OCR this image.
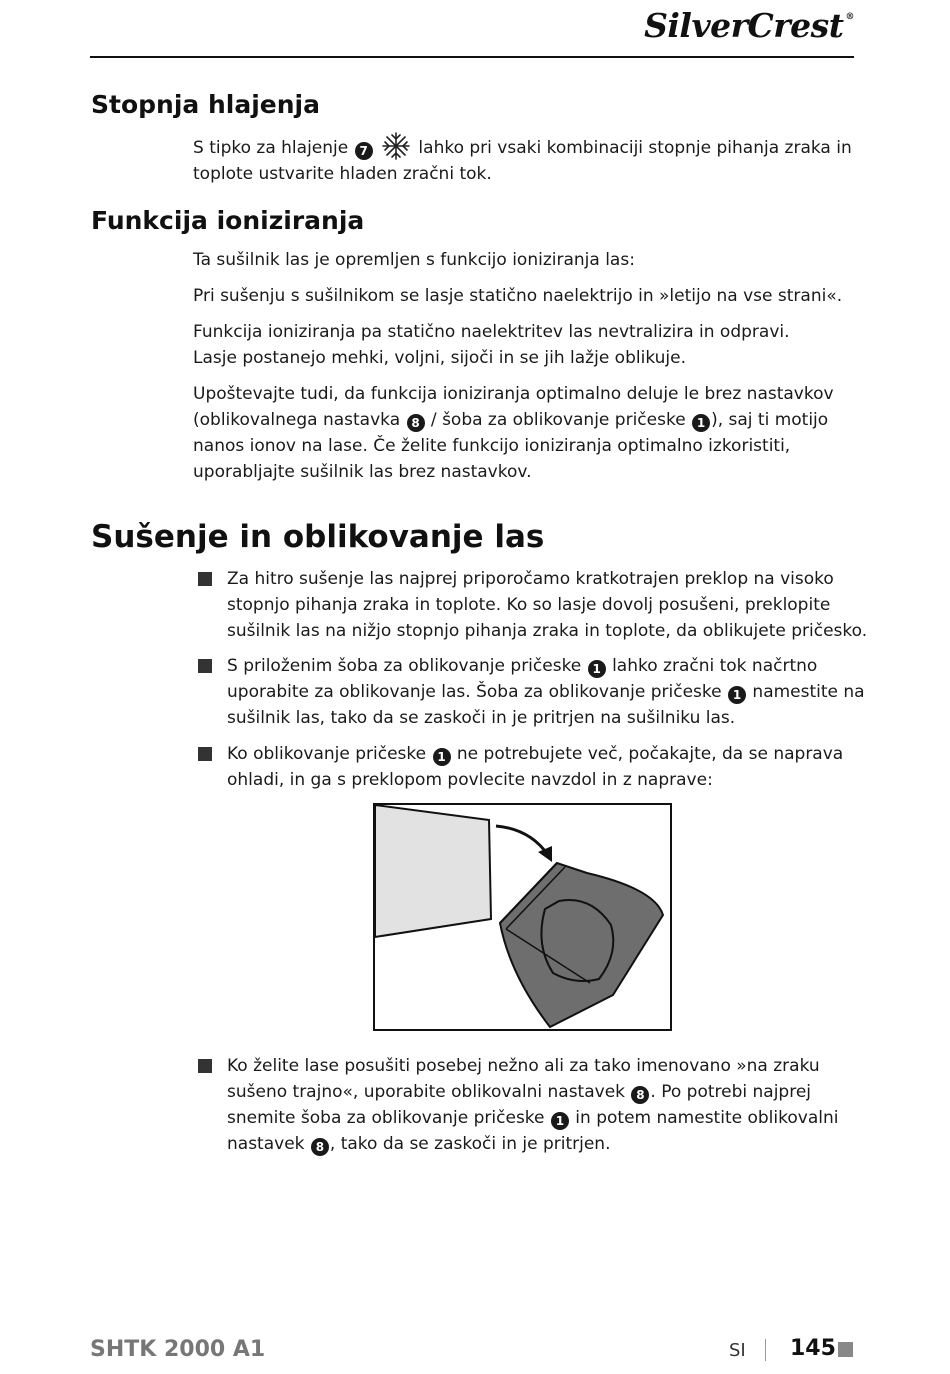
SilverCrest ®
Stopnja hlajenja

S tipko za hlajenje 7	lahko pri vsaki kombinaciji stopnje pihanja zraka in toplote ustvarite hladen zračni tok.

Funkcija ioniziranja

Ta sušilnik las je opremljen s funkcijo ioniziranja las:

Pri sušenju s sušilnikom se lasje statično naelektrijo in »letijo na vse strani«.

Funkcija ioniziranja pa statično naelektritev las nevtralizira in odpravi.
Lasje postanejo mehki, voljni, sijoči in se jih lažje oblikuje.

Upoštevajte tudi, da funkcija ioniziranja optimalno deluje le brez nastavkov (oblikovalnega nastavka 8 / šoba za oblikovanje pričeske 1 ), saj ti motijo nanos ionov na lase. Če želite funkcijo ioniziranja optimalno izkoristiti, uporabljajte sušilnik las brez nastavkov.

Sušenje in oblikovanje las
Za hitro sušenje las najprej priporočamo kratkotrajen preklop na visoko stopnjo pihanja zraka in toplote. Ko so lasje dovolj posušeni, preklopite sušilnik las na nižjo stopnjo pihanja zraka in toplote, da oblikujete pričesko.
S priloženim šoba za oblikovanje pričeske 1 lahko zračni tok načrtno uporabite za oblikovanje las. Šoba za oblikovanje pričeske 1 namestite na sušilnik las, tako da se zaskoči in je pritrjen na sušilniku las.
Ko oblikovanje pričeske 1 ne potrebujete več, počakajte, da se naprava ohladi, in ga s preklopom povlecite navzdol in z naprave:
Ko želite lase posušiti posebej nežno ali za tako imenovano »na zraku sušeno trajno«, uporabite oblikovalni nastavek 8 . Po potrebi najprej snemite šoba za oblikovanje pričeske 1 in potem namestite oblikovalni nastavek 8 , tako da se zaskoči in je pritrjen.
SHTK 2000 A1	SI 145
